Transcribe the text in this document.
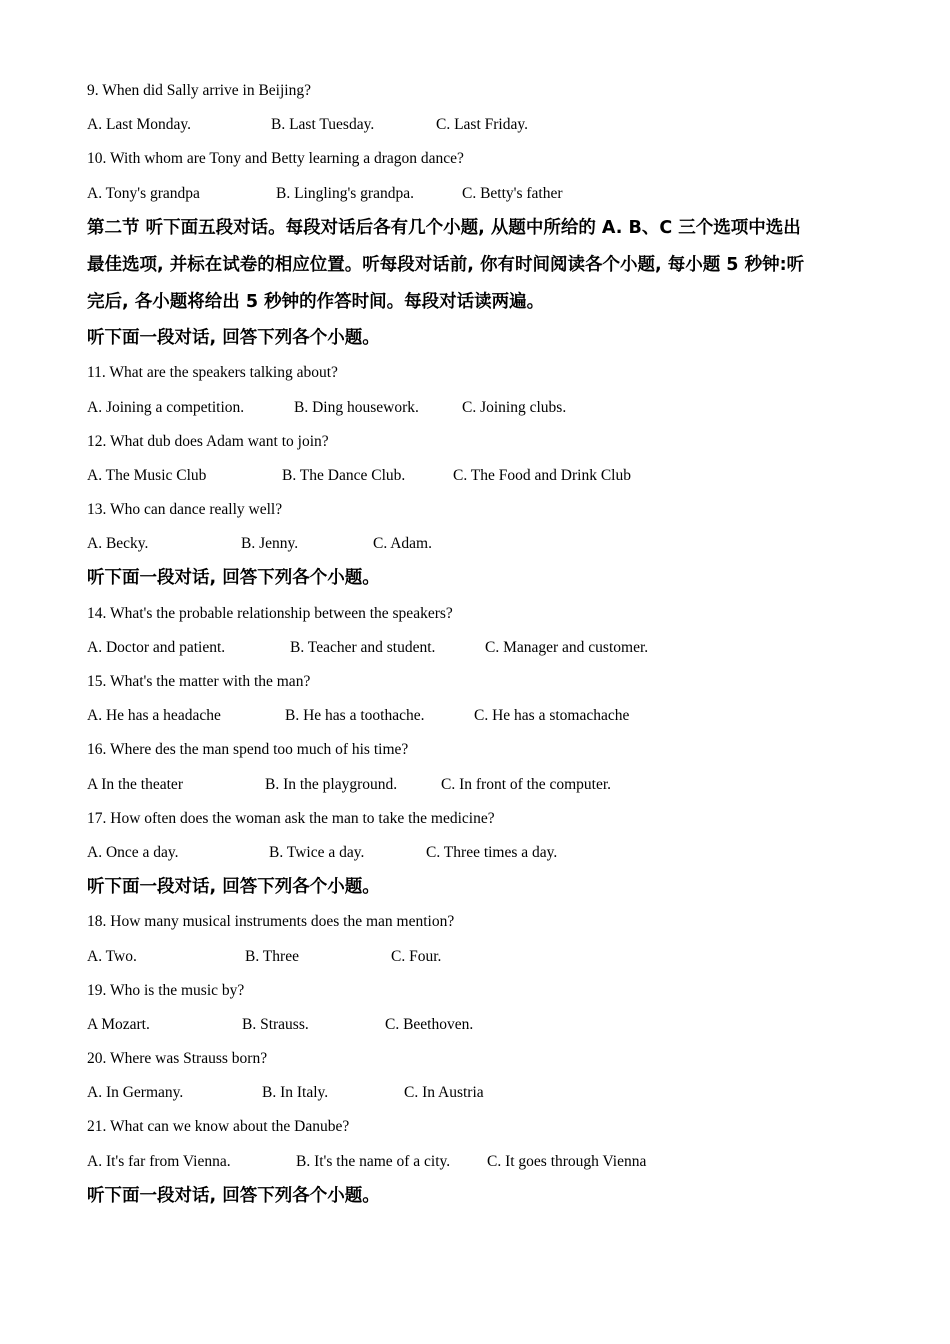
9. When did Sally arrive in Beijing?
A. Last Monday.	B. Last Tuesday.	C. Last Friday.
10. With whom are Tony and Betty learning a dragon dance?
A. Tony's grandpa	B. Lingling's grandpa.	C. Betty's father
第二节 听下面五段对话。每段对话后各有几个小题, 从题中所给的 A. B、C 三个选项中选出
最佳选项, 并标在试卷的相应位置。听每段对话前, 你有时间阅读各个小题, 每小题 5 秒钟:听
完后, 各小题将给出 5 秒钟的作答时间。每段对话读两遍。
听下面一段对话, 回答下列各个小题。
11. What are the speakers talking about?
A. Joining a competition.	B. Ding housework.	C. Joining clubs.
12. What dub does Adam want to join?
A. The Music Club	B. The Dance Club.	C. The Food and Drink Club
13. Who can dance really well?
A. Becky.	B. Jenny.	C. Adam.
听下面一段对话, 回答下列各个小题。
14. What's the probable relationship between the speakers?
A. Doctor and patient.	B. Teacher and student.	C. Manager and customer.
15. What's the matter with the man?
A. He has a headache	B. He has a toothache.	C. He has a stomachache
16. Where des the man spend too much of his time?
A In the theater	B. In the playground.	C. In front of the computer.
17. How often does the woman ask the man to take the medicine?
A. Once a day.	B. Twice a day.	C. Three times a day.
听下面一段对话, 回答下列各个小题。
18. How many musical instruments does the man mention?
A. Two.	B. Three	C. Four.
19. Who is the music by?
A Mozart.	B. Strauss.	C. Beethoven.
20. Where was Strauss born?
A. In Germany.	B. In Italy.	C. In Austria
21. What can we know about the Danube?
A. It's far from Vienna.	B. It's the name of a city. C. It goes through Vienna
听下面一段对话, 回答下列各个小题。
